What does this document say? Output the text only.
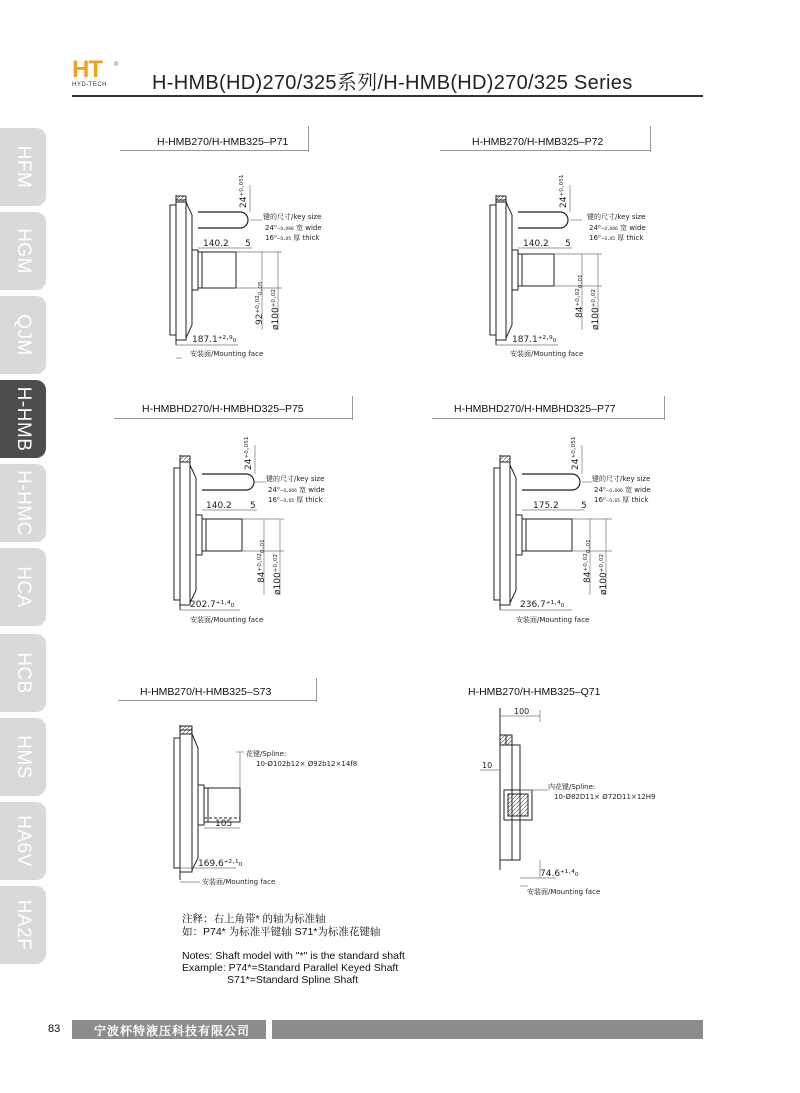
HT ®
HYD-TECH H-HMB(HD)270/325系列/H-HMB(HD)270/325 Series
HFM
HGM
QJM
H-HMB
H-HMC
HCA
HCB
HMS
HA6V
HA2F
H-HMB270/H-HMB325–P71	H-HMB270/H-HMB325–P72
H-HMBHD270/H-HMBHD325–P75	H-HMBHD270/H-HMBHD325–P77
H-HMB270/H-HMB325–S73	H-HMB270/H-HMB325–Q71
24⁺⁰·⁰⁵¹
140.2 5
92⁺⁰·⁰²₀.₀₅ ø100⁺⁰·⁰²
187.1⁺²·⁹₀
键的尺寸/key size
24⁰₋₀.₀₆₆ 宽 wide
16⁰₋₀.₀₅ 厚 thick
安装面/Mounting face
24⁺⁰·⁰⁵¹
140.2 5
84⁺⁰·⁰²₀.₀₁ ø100⁺⁰·⁰²
187.1⁺²·⁹₀
键的尺寸/key size
24⁰₋₀.₀₆₆ 宽 wide
16⁰₋₀.₀₅ 厚 thick
安装面/Mounting face
24⁺⁰·⁰⁵¹
140.2 5
84⁺⁰·⁰²₀.₀₁ ø100⁺⁰·⁰²
202.7⁺¹·⁴₀
键的尺寸/key size
24⁰₋₀.₀₆₆ 宽 wide
16⁰₋₀.₀₅ 厚 thick
安装面/Mounting face
24⁺⁰·⁰⁵¹
175.2 5
84⁺⁰·⁰²₀.₀₁ ø100⁺⁰·⁰²
236.7⁺¹·⁴₀
键的尺寸/key size
24⁰₋₀.₀₆₆ 宽 wide
16⁰₋₀.₀₅ 厚 thick
安装面/Mounting face
花键/Spline:
10-Ø102b12× Ø92b12×14f8
105
169.6⁺²·¹₀
安装面/Mounting face
100
10
内花键/Spline:
10-Ø82D11× Ø72D11×12H9
74.6⁺¹·⁴₀
安装面/Mounting face
注释：右上角带* 的轴为标准轴
如：P74* 为标准平键轴 S71*为标准花键轴
Notes: Shaft model with "*" is the standard shaft
Example: P74*=Standard Parallel Keyed Shaft
S71*=Standard Spline Shaft
83	宁波杯特液压科技有限公司
